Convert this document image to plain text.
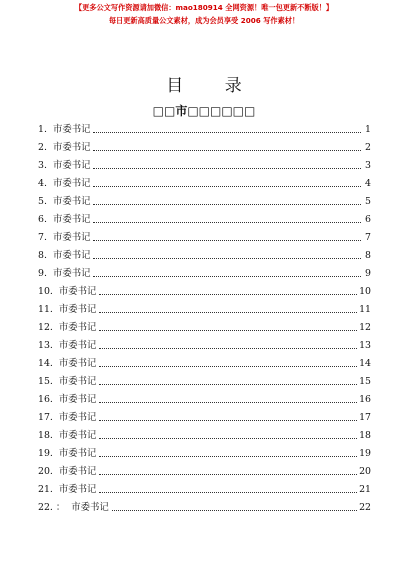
【更多公文写作资源请加微信：mao180914 全网资源！唯一包更新不断版！】
每日更新高质量公文素材，成为会员享受 2006 写作素材！
目 录
□□市□□□□□□
1. 市委书记	1
2. 市委书记	2
3. 市委书记	3
4. 市委书记	4
5. 市委书记	5
6. 市委书记	6
7. 市委书记	7
8. 市委书记	8
9. 市委书记	9
10. 市委书记	10
11. 市委书记	11
12. 市委书记	12
13. 市委书记	13
14. 市委书记	14
15. 市委书记	15
16. 市委书记	16
17. 市委书记	17
18. 市委书记	18
19. 市委书记	19
20. 市委书记	20
21. 市委书记	21
22. ： 市委书记	22
